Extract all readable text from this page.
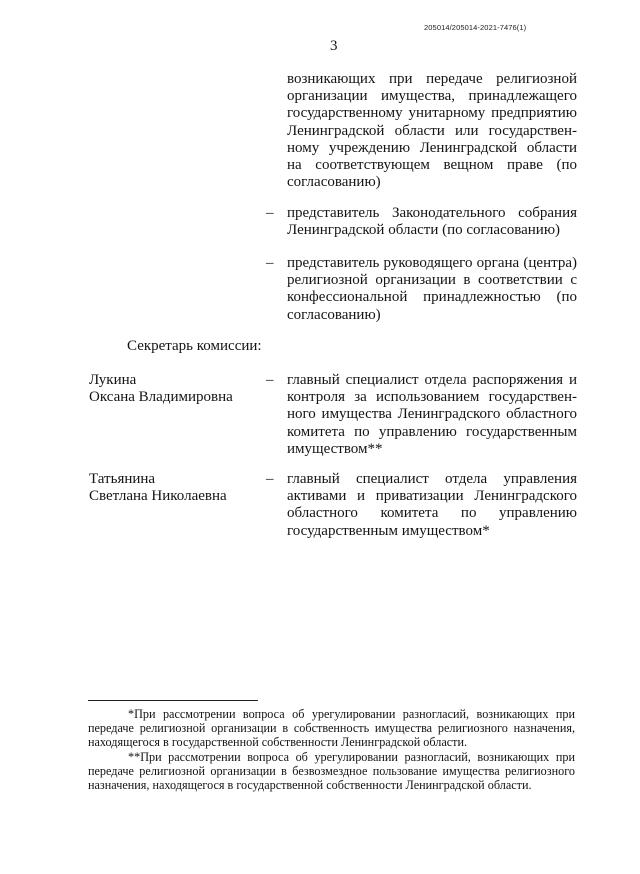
205014/205014-2021-7476(1)
3
возникающих при передаче религиозной организации имущества, принадлежащего государственному унитарному предприятию Ленинградской области или государствен-ному учреждению Ленинградской области на соответствующем вещном праве (по согласованию)
– представитель Законодательного собрания Ленинградской области (по согласованию)
– представитель руководящего органа (центра) религиозной организации в соответствии с конфессиональной принадлежностью (по согласованию)
Секретарь комиссии:
Лукина
Оксана Владимировна
– главный специалист отдела распоряжения и контроля за использованием государствен-ного имущества Ленинградского областного комитета по управлению государственным имуществом**
Татьянина
Светлана Николаевна
– главный специалист отдела управления активами и приватизации Ленинградского областного комитета по управлению государственным имуществом*
*При рассмотрении вопроса об урегулировании разногласий, возникающих при передаче религиозной организации в собственность имущества религиозного назначения, находящегося в государственной собственности Ленинградской области.
**При рассмотрении вопроса об урегулировании разногласий, возникающих при передаче религиозной организации в безвозмездное пользование имущества религиозного назначения, находящегося в государственной собственности Ленинградской области.
